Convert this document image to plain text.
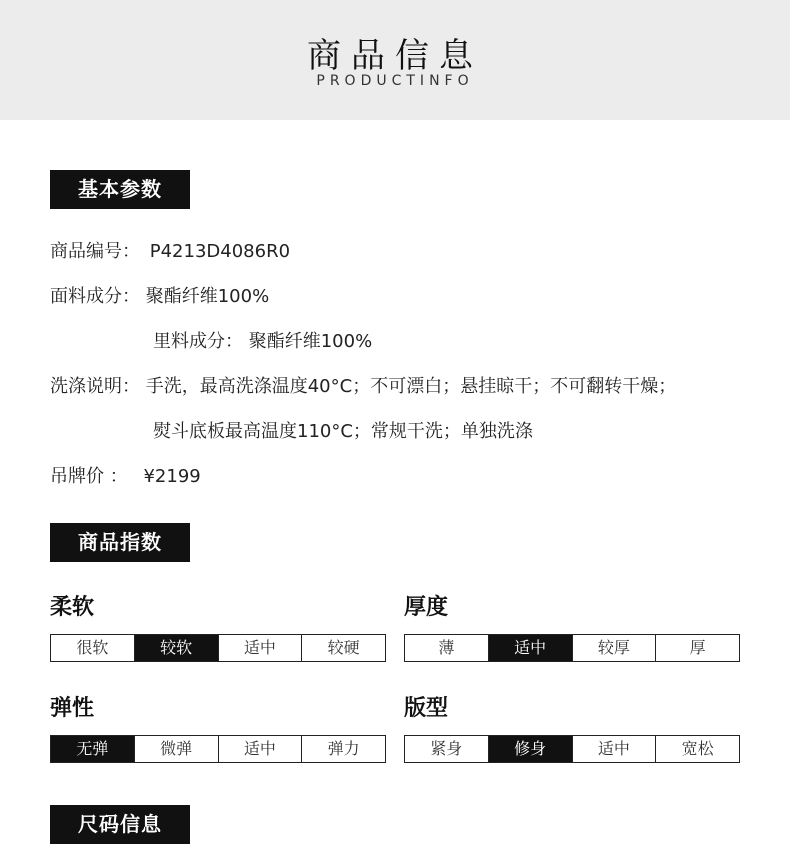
商品信息
PRODUCTINFO
基本参数
商品编号： P4213D4086R0
面料成分： 聚酯纤维100%
里料成分： 聚酯纤维100%
洗涤说明： 手洗，最高洗涤温度40°C；不可漂白；悬挂晾干；不可翻转干燥；
熨斗底板最高温度110°C；常规干洗；单独洗涤
吊牌价 ： ¥2199
商品指数
柔软
很软	较软	适中	较硬
厚度
薄	适中	较厚	厚
弹性
无弹	微弹	适中	弹力
版型
紧身	修身	适中	宽松
尺码信息
